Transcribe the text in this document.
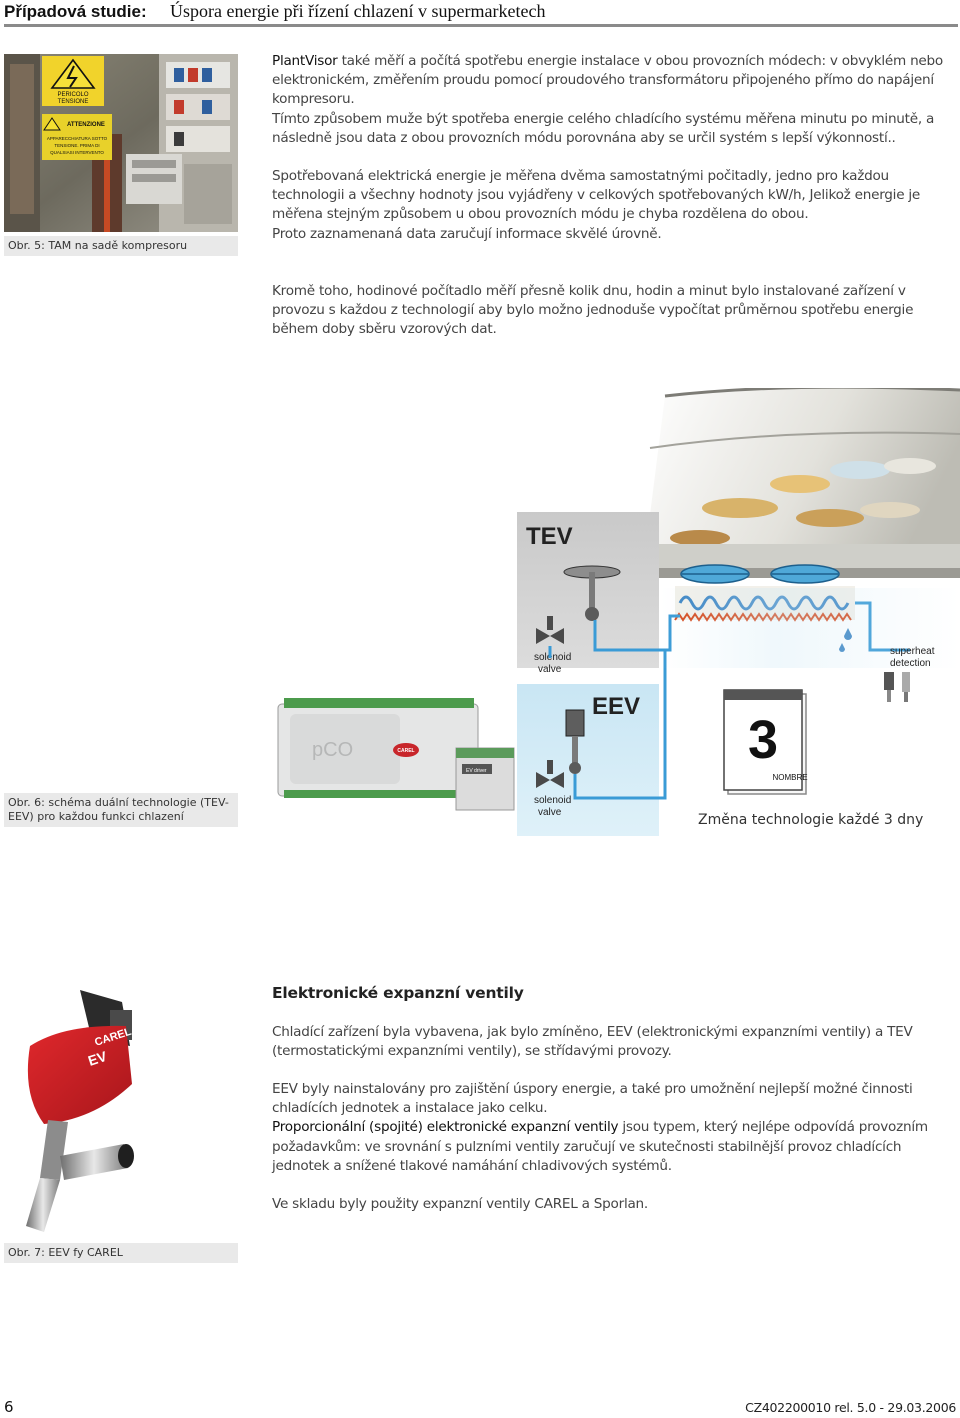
Případová studie: Úspora energie při řízení chlazení v supermarketech
PERICOLO
TENSIONE
ATTENZIONE
APPARECCHIATURA SOTTO
TENSIONE. PRIMA DI
QUALSIASI INTERVENTO
Obr. 5: TAM na sadě kompresoru
PlantVisor také měří a počítá spotřebu energie instalace v obou provozních módech: v obvyklém nebo elektronickém, změřením proudu pomocí proudového transformátoru připojeného přímo do napájení kompresoru.
Tímto způsobem muže být spotřeba energie celého chladícího systému měřena minutu po minutě, a následně jsou data z obou provozních módu porovnána aby se určil systém s lepší výkonností..
Spotřebovaná elektrická energie je měřena dvěma samostatnými počitadly, jedno pro každou technologii a všechny hodnoty jsou vyjádřeny v celkových spotřebovaných kW/h, Jelikož energie je měřena stejným způsobem u obou provozních módu je chyba rozdělena do obou.
Proto zaznamenaná data zaručují informace skvělé úrovně.
Kromě toho, hodinové počítadlo měří přesně kolik dnu, hodin a minut bylo instalované zařízení v provozu s každou z technologií aby bylo možno jednoduše vypočítat průměrnou spotřebu energie během doby sběru vzorových dat.
TEV
solenoid
valve
EEV
solenoid
valve
superheat
detection
pCO	CAREL
EV driver
3
NOMBRE
Obr. 6: schéma duální technologie (TEV-EEV) pro každou funkci chlazení	Změna technologie každé 3 dny
CAREL
EV
Obr. 7: EEV fy CAREL
Elektronické expanzní ventily
Chladící zařízení byla vybavena, jak bylo zmíněno, EEV (elektronickými expanzními ventily) a TEV (termostatickými expanzními ventily), se střídavými provozy.
EEV byly nainstalovány pro zajištění úspory energie, a také pro umožnění nejlepší možné činnosti chladících jednotek a instalace jako celku.
Proporcionální (spojité) elektronické expanzní ventily jsou typem, který nejlépe odpovídá provozním požadavkům: ve srovnání s pulzními ventily zaručují ve skutečnosti stabilnější provoz chladících jednotek a snížené tlakové namáhání chladivových systémů.
Ve skladu byly použity expanzní ventily CAREL a Sporlan.
6	CZ402200010 rel. 5.0 - 29.03.2006
